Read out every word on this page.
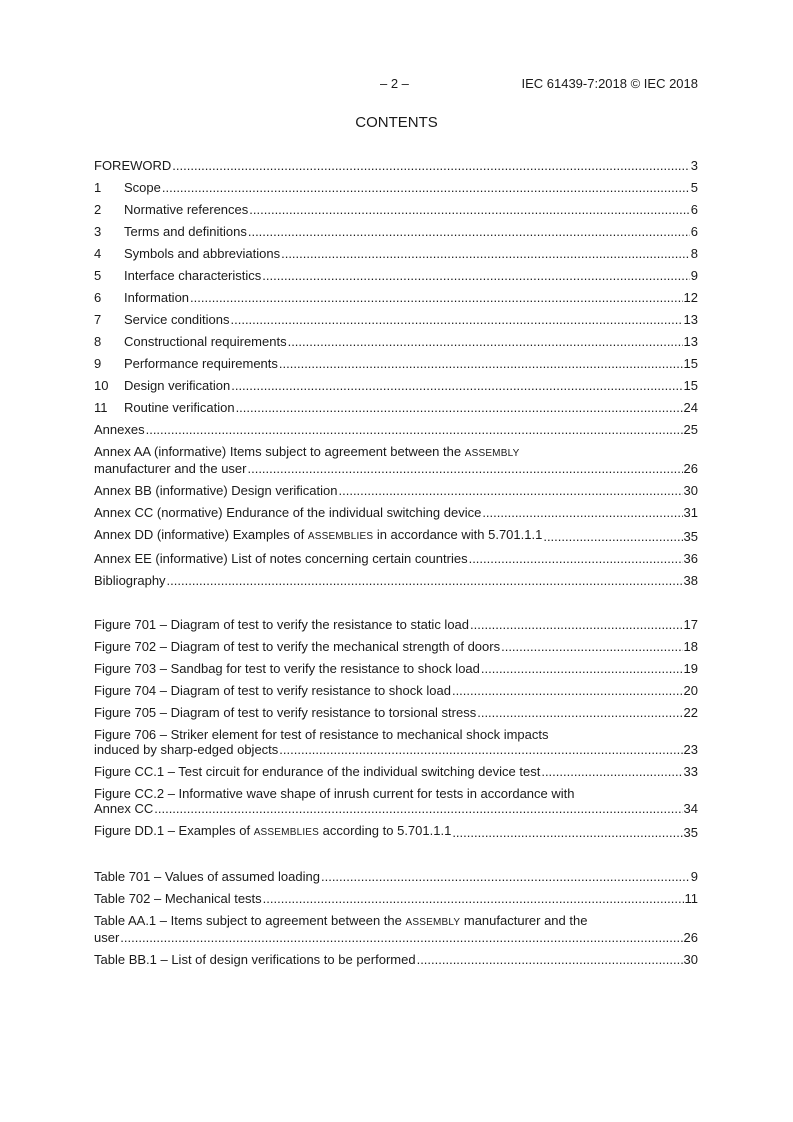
– 2 –	IEC 61439-7:2018 © IEC 2018
CONTENTS
FOREWORD .....	3
1 Scope .....	5
2 Normative references .....	6
3 Terms and definitions .....	6
4 Symbols and abbreviations .....	8
5 Interface characteristics .....	9
6 Information .....	12
7 Service conditions .....	13
8 Constructional requirements .....	13
9 Performance requirements .....	15
10 Design verification .....	15
11 Routine verification .....	24
Annexes .....	25
Annex AA (informative) Items subject to agreement between the ASSEMBLY
manufacturer and the user .....	26
Annex BB (informative) Design verification .....	30
Annex CC (normative) Endurance of the individual switching device .....	31
Annex DD (informative) Examples of ASSEMBLIES in accordance with 5.701.1.1 .....	35
Annex EE (informative) List of notes concerning certain countries .....	36
Bibliography .....	38
Figure 701 – Diagram of test to verify the resistance to static load .....	17
Figure 702 – Diagram of test to verify the mechanical strength of doors .....	18
Figure 703 – Sandbag for test to verify the resistance to shock load .....	19
Figure 704 – Diagram of test to verify resistance to shock load .....	20
Figure 705 – Diagram of test to verify resistance to torsional stress .....	22
Figure 706 – Striker element for test of resistance to mechanical shock impacts
induced by sharp-edged objects .....	23
Figure CC.1 – Test circuit for endurance of the individual switching device test .....	33
Figure CC.2 – Informative wave shape of inrush current for tests in accordance with
Annex CC .....	34
Figure DD.1 – Examples of ASSEMBLIES according to 5.701.1.1 .....	35
Table 701 – Values of assumed loading .....	9
Table 702 – Mechanical tests .....	11
Table AA.1 – Items subject to agreement between the ASSEMBLY manufacturer and the
user .....	26
Table BB.1 – List of design verifications to be performed .....	30
